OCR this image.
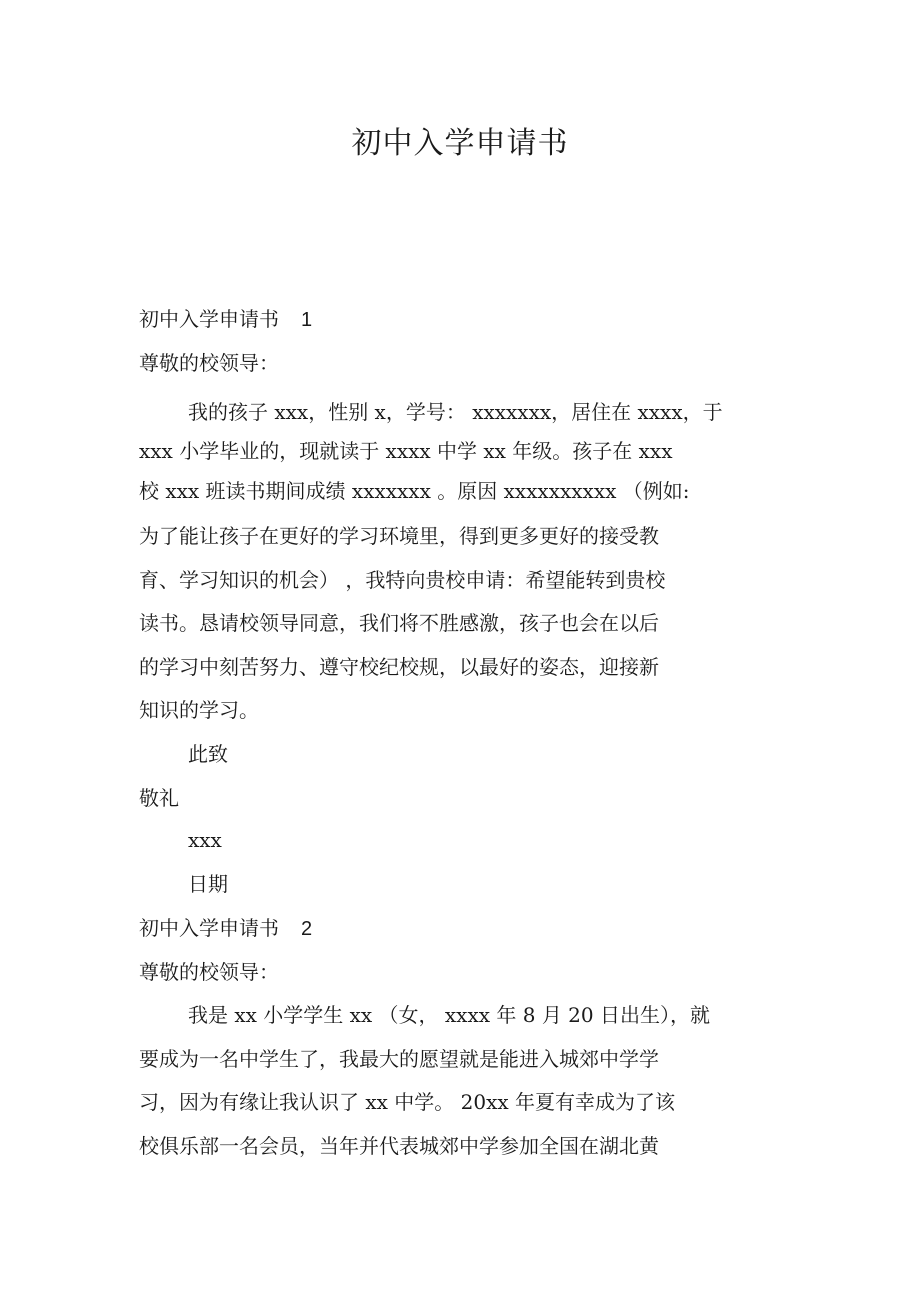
初中入学申请书
初中入学申请书 1
尊敬的校领导：
我的孩子 xxx，性别 x，学号： xxxxxxx，居住在 xxxx，于
xxx 小学毕业的，现就读于 xxxx 中学 xx 年级。孩子在 xxx
校 xxx 班读书期间成绩 xxxxxxx 。原因 xxxxxxxxxx （例如:
为了能让孩子在更好的学习环境里，得到更多更好的接受教
育、学习知识的机会） ，我特向贵校申请：希望能转到贵校
读书。恳请校领导同意，我们将不胜感激，孩子也会在以后
的学习中刻苦努力、遵守校纪校规，以最好的姿态，迎接新
知识的学习。
此致
敬礼
xxx
日期
初中入学申请书 2
尊敬的校领导：
我是 xx 小学学生 xx （女， xxxx 年 8 月 20 日出生），就
要成为一名中学生了，我最大的愿望就是能进入城郊中学学
习，因为有缘让我认识了 xx 中学。 20xx 年夏有幸成为了该
校俱乐部一名会员，当年并代表城郊中学参加全国在湖北黄
